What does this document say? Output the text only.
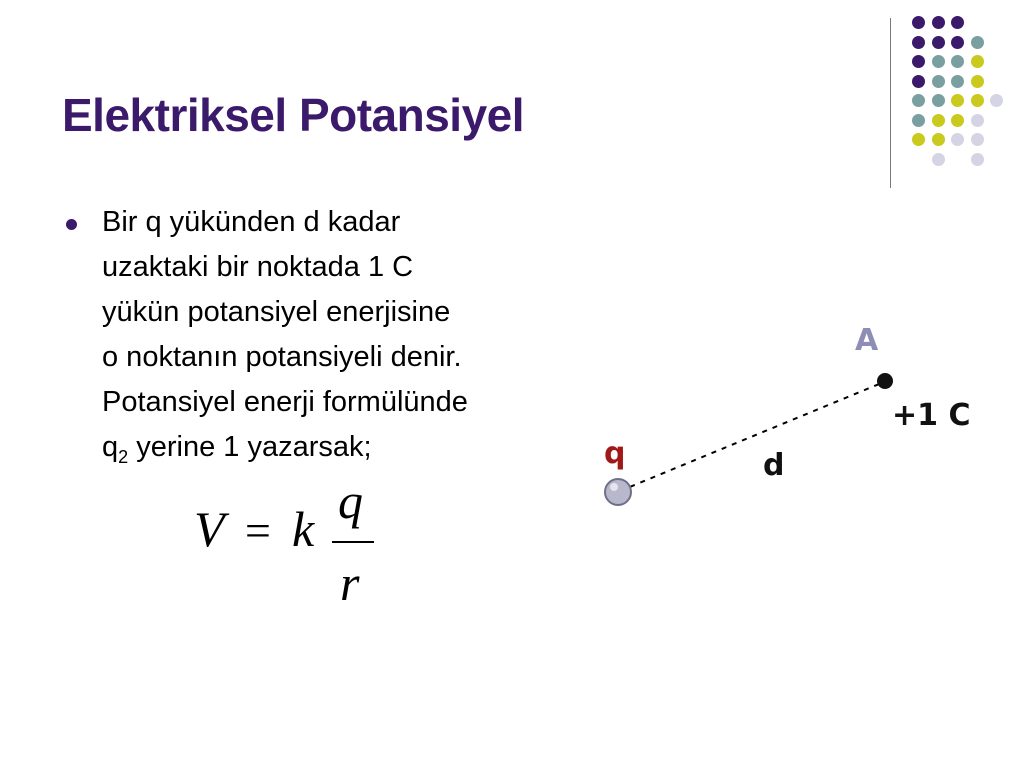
Elektriksel Potansiyel
Bir q yükünden d kadar
uzaktaki bir noktada 1 C
yükün potansiyel enerjisine
o noktanın potansiyeli denir.
Potansiyel enerji formülünde
$q_2$ yerine 1 yazarsak;
V = k q
r
A
+1 C
q	d
